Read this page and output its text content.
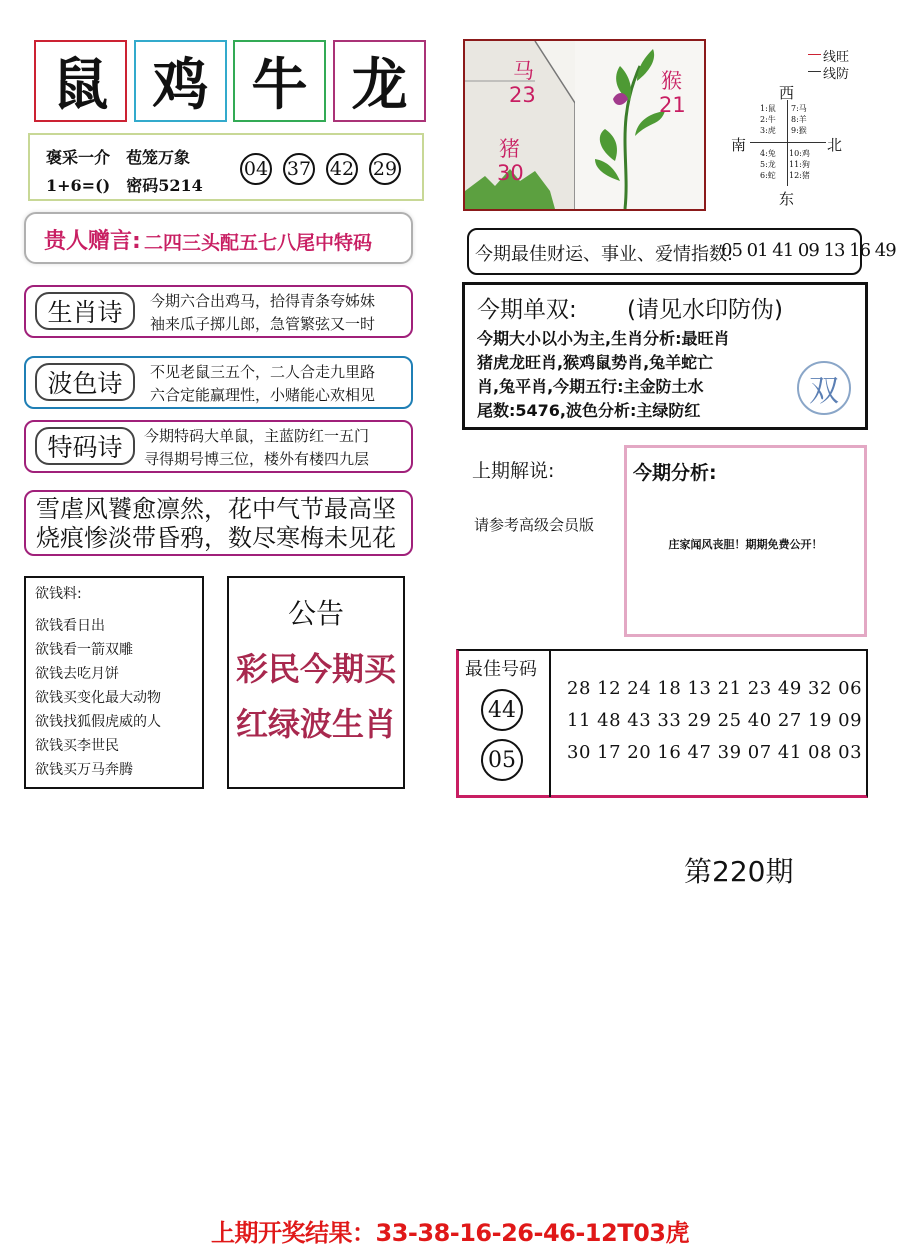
鼠 鸡 牛 龙
褒采一介　苞笼万象
1+6=()　密码5214
04 37 42 29
贵人赠言: 二四三头配五七八尾中特码
生肖诗	今期六合出鸡马，拾得青条夸姊妹
袖来瓜子掷儿郎，急管繁弦又一时
波色诗	不见老鼠三五个，二人合走九里路
六合定能赢理性，小赌能心欢相见
特码诗	今期特码大单鼠，主蓝防红一五门
寻得期号博三位，楼外有楼四九层
雪虐风饕愈凛然，花中气节最高坚
烧痕惨淡带昏鸦，数尽寒梅未见花
欲钱料:
欲钱看日出
欲钱看一箭双雕
欲钱去吃月饼
欲钱买变化最大动物
欲钱找狐假虎威的人
欲钱买李世民
欲钱买万马奔腾
公告
彩民今期买
红绿波生肖
马
23
猴
21
猪
30
线旺
线防
西
南	北
东
1:鼠
2:牛
3:虎
7:马
8:羊
9:猴
4:兔
5:龙
6:蛇
10:鸡
11:狗
12:猪
今期最佳财运、事业、爱情指数:
05 01 41 09 13 16 49
今期单双: (请见水印防伪)
今期大小以小为主,生肖分析:最旺肖
猪虎龙旺肖,猴鸡鼠势肖,兔羊蛇亡
肖,兔平肖,今期五行:主金防土水
尾数:5476,波色分析:主绿防红
双
上期解说:
请参考高级会员版
今期分析:
庄家闻风丧胆！期期免费公开！
最佳号码
44
05
28 12 24 18 13 21 23 49 32 06
11 48 43 33 29 25 40 27 19 09
30 17 20 16 47 39 07 41 08 03
第220期
上期开奖结果：33-38-16-26-46-12T03虎
